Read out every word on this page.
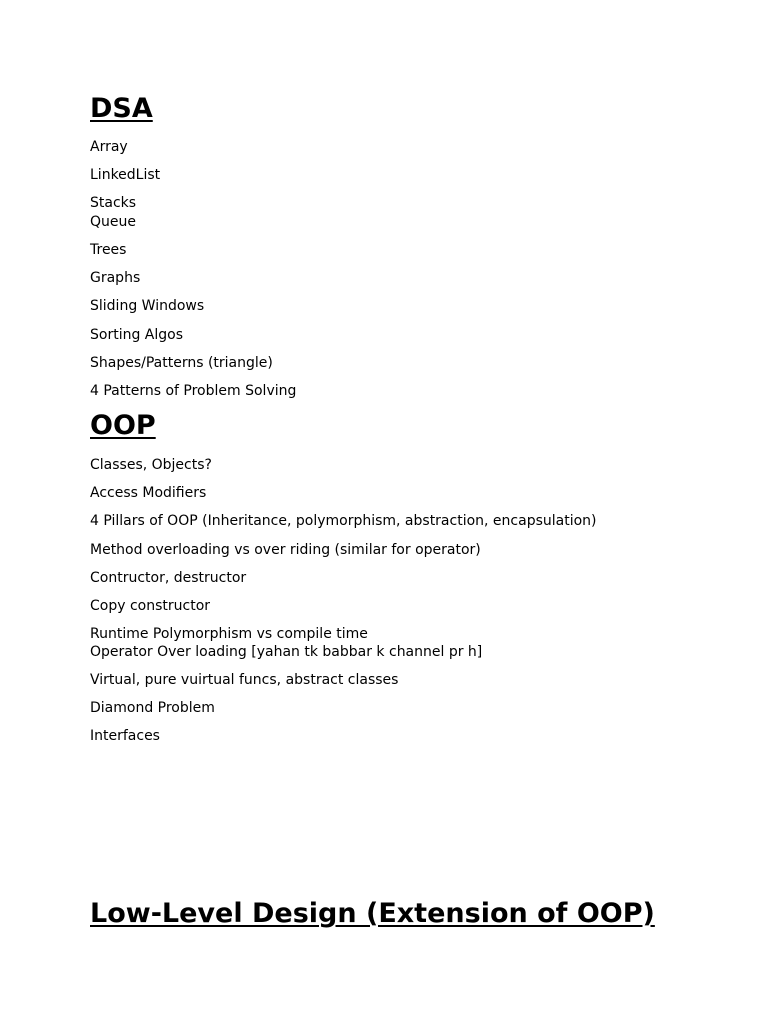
DSA

Array

LinkedList

Stacks

Queue

Trees

Graphs

Sliding Windows

Sorting Algos

Shapes/Patterns (triangle)

4 Patterns of Problem Solving

OOP

Classes, Objects?

Access Modifiers

4 Pillars of OOP (Inheritance, polymorphism, abstraction, encapsulation)

Method overloading vs over riding (similar for operator)

Contructor, destructor

Copy constructor

Runtime Polymorphism vs compile time

Operator Over loading [yahan tk babbar k channel pr h]

Virtual, pure vuirtual funcs, abstract classes

Diamond Problem

Interfaces

Low-Level Design (Extension of OOP)
